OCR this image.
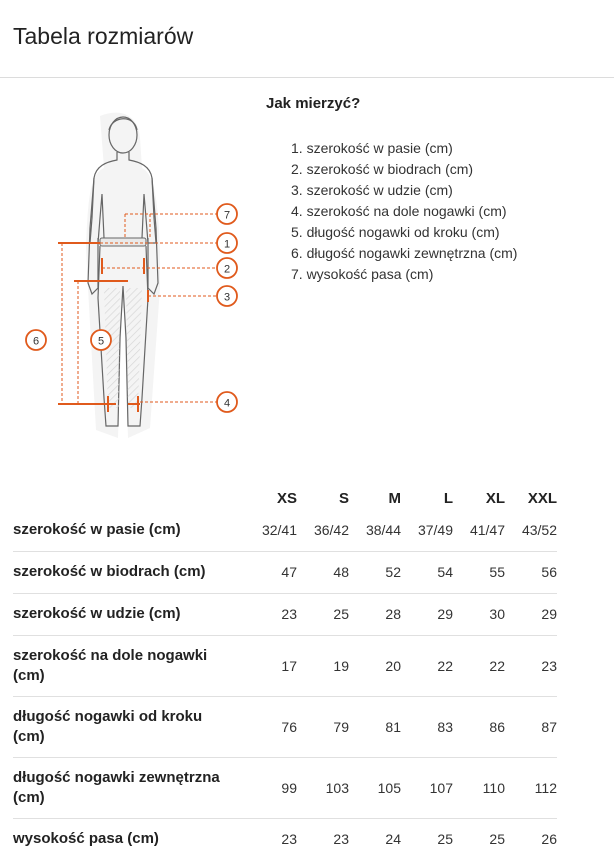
Tabela rozmiarów
7
1
2
3
4
5
6
Jak mierzyć?
1. szerokość w pasie (cm)
2. szerokość w biodrach (cm)
3. szerokość w udzie (cm)
4. szerokość na dole nogawki (cm)
5. długość nogawki od kroku (cm)
6. długość nogawki zewnętrzna (cm)
7. wysokość pasa (cm)
	XS	S	M	L	XL	XXL
szerokość w pasie (cm)	32/41	36/42	38/44	37/49	41/47	43/52
szerokość w biodrach (cm)	47	48	52	54	55	56
szerokość w udzie (cm)	23	25	28	29	30	29
szerokość na dole nogawki (cm)	17	19	20	22	22	23
długość nogawki od kroku (cm)	76	79	81	83	86	87
długość nogawki zewnętrzna (cm)	99	103	105	107	110	112
wysokość pasa (cm)	23	23	24	25	25	26
